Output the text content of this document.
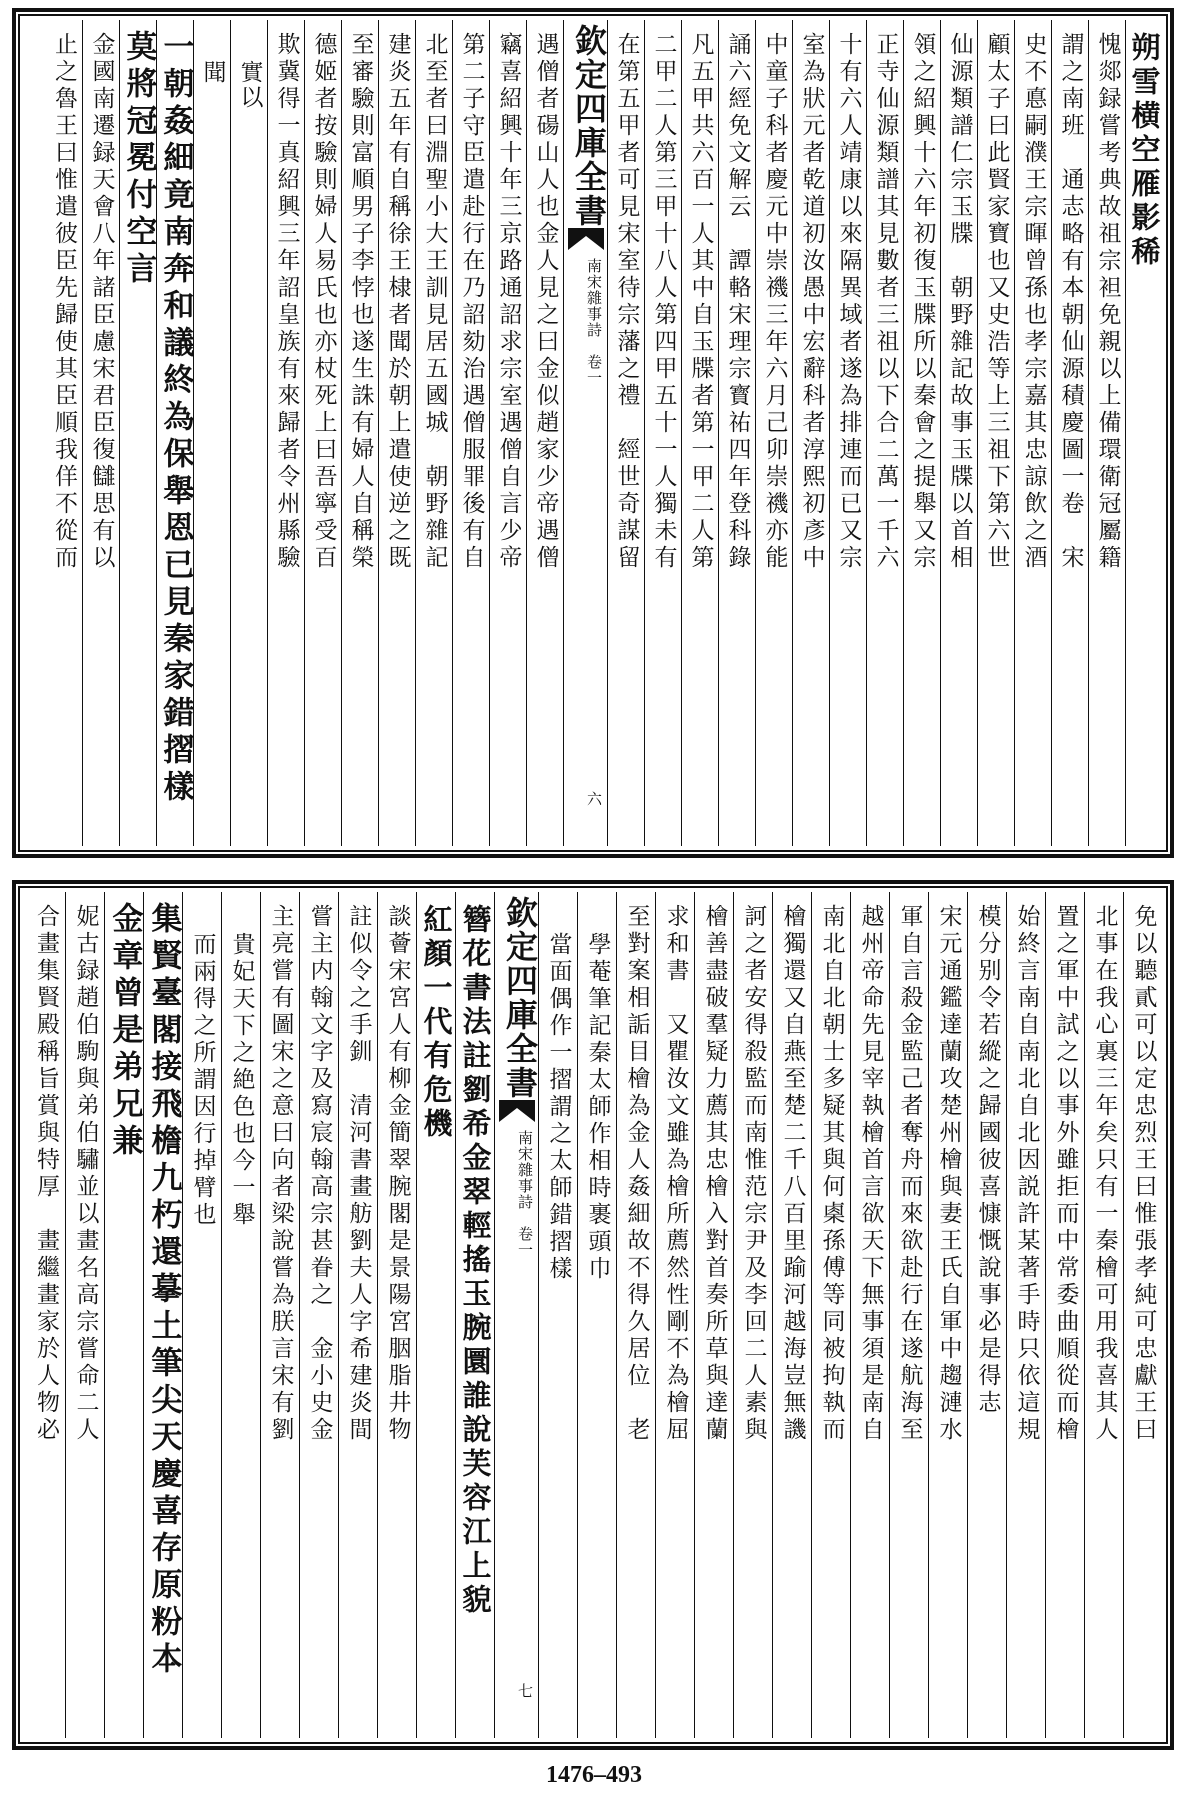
朔雪横空雁影稀
愧郯録嘗考典故祖宗袒免親以上備環衛冠屬籍
謂之南班　通志略有本朝仙源積慶圖一卷　宋
史不悳嗣濮王宗暉曾孫也孝宗嘉其忠諒飲之酒
顧太子曰此賢家寶也又史浩等上三祖下第六世
仙源類譜仁宗玉牒　朝野雜記故事玉牒以首相
領之紹興十六年初復玉牒所以秦會之提舉又宗
正寺仙源類譜其見數者三祖以下合二萬一千六
十有六人靖康以來隔異域者遂為排連而已又宗
室為狀元者乾道初汝愚中宏辭科者淳熙初彥中
中童子科者慶元中崇禨三年六月己卯崇禨亦能
誦六經免文解云　譚輅宋理宗寳祐四年登科錄
凡五甲共六百一人其中自玉牒者第一甲二人第
二甲二人第三甲十八人第四甲五十一人獨未有
在第五甲者可見宋室待宗藩之禮　經世奇謀留
欽定四庫全書
南宋雜事詩　卷一
六
遇僧者碭山人也金人見之曰金似趙家少帝遇僧
竊喜紹興十年三京路通詔求宗室遇僧自言少帝
第二子守臣遣赴行在乃詔劾治遇僧服罪後有自
北至者曰淵聖小大王訓見居五國城　朝野雜記
建炎五年有自稱徐王棣者聞於朝上遣使逆之既
至審驗則富順男子李悖也遂生誅有婦人自稱榮
德姬者按驗則婦人易氏也亦杖死上曰吾寧受百
欺冀得一真紹興三年詔皇族有來歸者令州縣驗
實以
聞
一朝姦細竟南奔和議終為保舉恩已見秦家錯摺樣
莫將冠冕付空言
金國南遷録天會八年諸臣慮宋君臣復讎思有以
止之魯王曰惟遣彼臣先歸使其臣順我佯不從而
免以聽貳可以定忠烈王曰惟張孝純可忠獻王曰
北事在我心裏三年矣只有一秦檜可用我喜其人
置之軍中試之以事外雖拒而中常委曲順從而檜
始終言南自南北自北因説許某著手時只依這規
模分别令若縱之歸國彼喜慷慨說事必是得志
宋元通鑑達蘭攻楚州檜與妻王氏自軍中趨漣水
軍自言殺金監己者奪舟而來欲赴行在遂航海至
越州帝命先見宰執檜首言欲天下無事須是南自
南北自北朝士多疑其與何㮚孫傅等同被拘執而
檜獨還又自燕至楚二千八百里踰河越海豈無譏
訶之者安得殺監而南惟范宗尹及李回二人素與
檜善盡破羣疑力薦其忠檜入對首奏所草與達蘭
求和書　又瞿汝文雖為檜所薦然性剛不為檜屈
至對案相詬目檜為金人姦細故不得久居位　老
學菴筆記秦太師作相時裹頭巾
當面偶作一摺謂之太師錯摺樣
欽定四庫全書
南宋雜事詩　卷一
七
簪花書法註劉希金翠輕搖玉腕圜誰說芙容江上貌
紅顏一代有危機
談薈宋宮人有柳金簡翠腕閣是景陽宮胭脂井物
註似令之手釧　清河書畫舫劉夫人字希建炎間
嘗主内翰文字及寫宸翰高宗甚眷之　金小史金
主亮嘗有圖宋之意曰向者梁說嘗為朕言宋有劉
貴妃天下之絶色也今一舉
而兩得之所謂因行掉臂也
集賢臺閣接飛檐九朽還摹土筆尖天慶喜存原粉本
金章曾是弟兄兼
妮古録趙伯駒與弟伯驌並以畫名高宗嘗命二人
合畫集賢殿稱旨賞與特厚　畫繼畫家於人物必
1476–493
